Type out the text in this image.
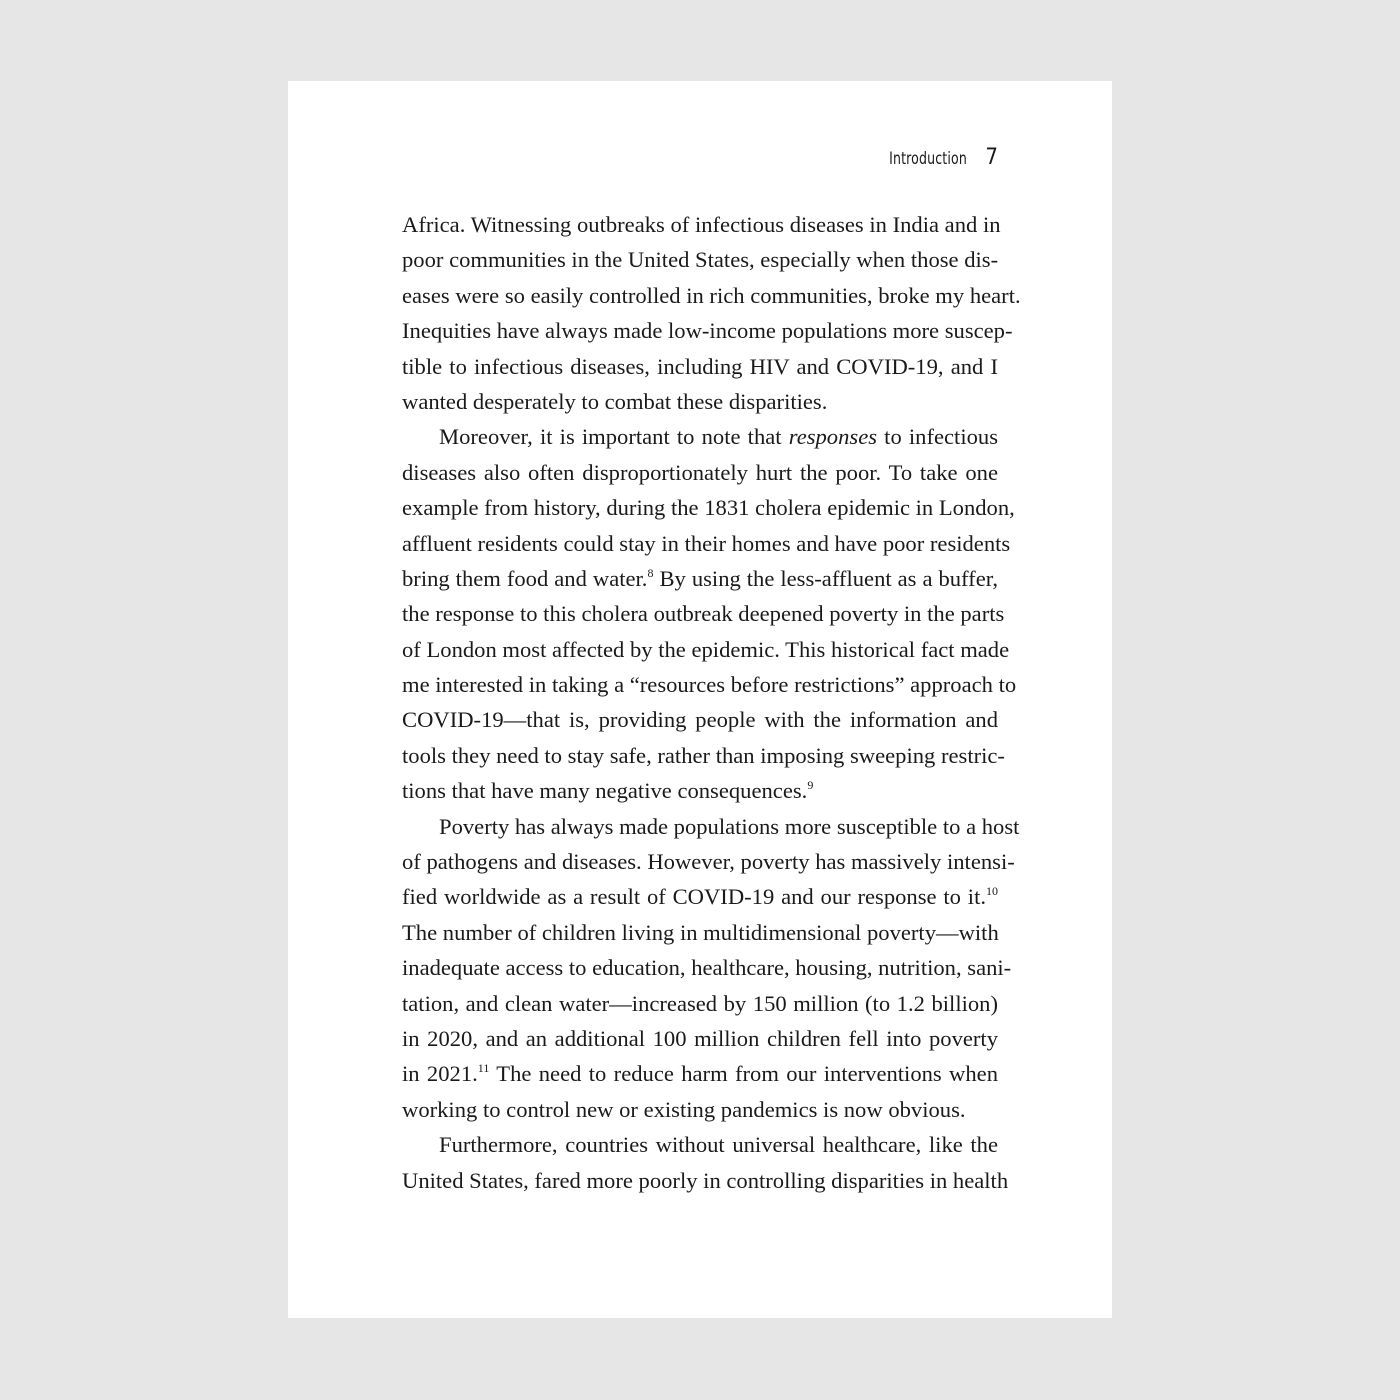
Introduction 7
Africa. Witnessing outbreaks of infectious diseases in India and in
poor communities in the United States, especially when those dis-
eases were so easily controlled in rich communities, broke my heart.
Inequities have always made low-income populations more suscep-
tible to infectious diseases, including HIV and COVID-19, and I
wanted desperately to combat these disparities.
Moreover, it is important to note that responses to infectious
diseases also often disproportionately hurt the poor. To take one
example from history, during the 1831 cholera epidemic in London,
affluent residents could stay in their homes and have poor residents
bring them food and water.$^8$ By using the less-affluent as a buffer,
the response to this cholera outbreak deepened poverty in the parts
of London most affected by the epidemic. This historical fact made
me interested in taking a “resources before restrictions” approach to
COVID-19—that is, providing people with the information and
tools they need to stay safe, rather than imposing sweeping restric-
tions that have many negative consequences.$^9$
Poverty has always made populations more susceptible to a host
of pathogens and diseases. However, poverty has massively intensi-
fied worldwide as a result of COVID-19 and our response to it.$^{10}$
The number of children living in multidimensional poverty—with
inadequate access to education, healthcare, housing, nutrition, sani-
tation, and clean water—increased by 150 million (to 1.2 billion)
in 2020, and an additional 100 million children fell into poverty
in 2021.11 The need to reduce harm from our interventions when
working to control new or existing pandemics is now obvious.
Furthermore, countries without universal healthcare, like the
United States, fared more poorly in controlling disparities in health
